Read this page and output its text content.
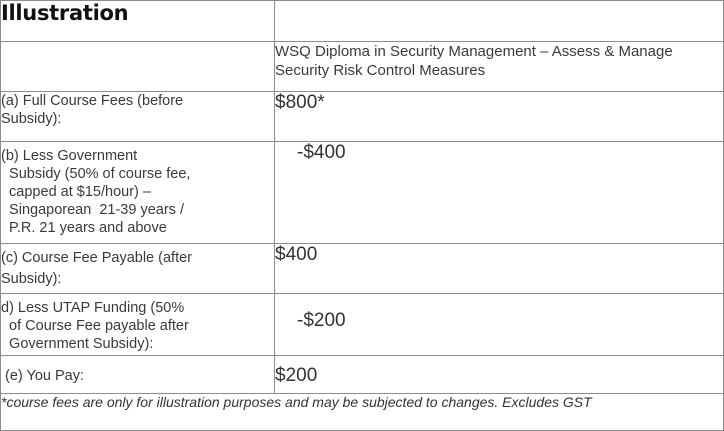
Illustration	

	WSQ Diploma in Security Management – Assess & Manage
Security Risk Control Measures

(a) Full Course Fees (before
Subsidy):	$800*

(b) Less Government
Subsidy (50% of course fee,
capped at $15/hour) –
Singaporean  21-39 years /
P.R. 21 years and above	-$400

(c) Course Fee Payable (after
Subsidy):	$400

d) Less UTAP Funding (50%
of Course Fee payable after
Government Subsidy):	-$200

(e) You Pay:	$200
*course fees are only for illustration purposes and may be subjected to changes. Excludes GST	
